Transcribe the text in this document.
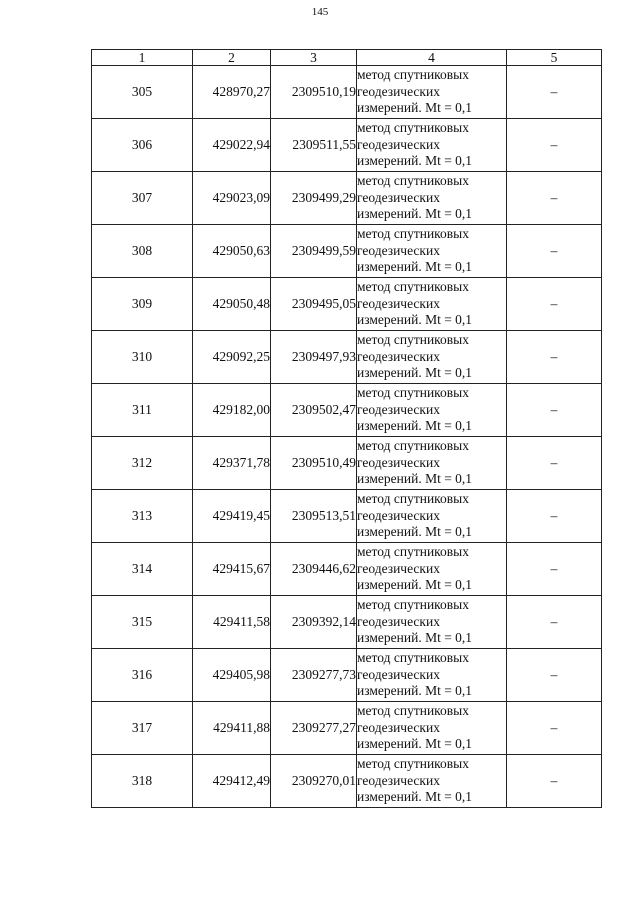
145
1	2	3	4	5
305	428970,27	2309510,19	метод спутниковых
геодезических
измерений. Mt = 0,1	–
306	429022,94	2309511,55	метод спутниковых
геодезических
измерений. Mt = 0,1	–
307	429023,09	2309499,29	метод спутниковых
геодезических
измерений. Mt = 0,1	–
308	429050,63	2309499,59	метод спутниковых
геодезических
измерений. Mt = 0,1	–
309	429050,48	2309495,05	метод спутниковых
геодезических
измерений. Mt = 0,1	–
310	429092,25	2309497,93	метод спутниковых
геодезических
измерений. Mt = 0,1	–
311	429182,00	2309502,47	метод спутниковых
геодезических
измерений. Mt = 0,1	–
312	429371,78	2309510,49	метод спутниковых
геодезических
измерений. Mt = 0,1	–
313	429419,45	2309513,51	метод спутниковых
геодезических
измерений. Mt = 0,1	–
314	429415,67	2309446,62	метод спутниковых
геодезических
измерений. Mt = 0,1	–
315	429411,58	2309392,14	метод спутниковых
геодезических
измерений. Mt = 0,1	–
316	429405,98	2309277,73	метод спутниковых
геодезических
измерений. Mt = 0,1	–
317	429411,88	2309277,27	метод спутниковых
геодезических
измерений. Mt = 0,1	–
318	429412,49	2309270,01	метод спутниковых
геодезических
измерений. Mt = 0,1	–
